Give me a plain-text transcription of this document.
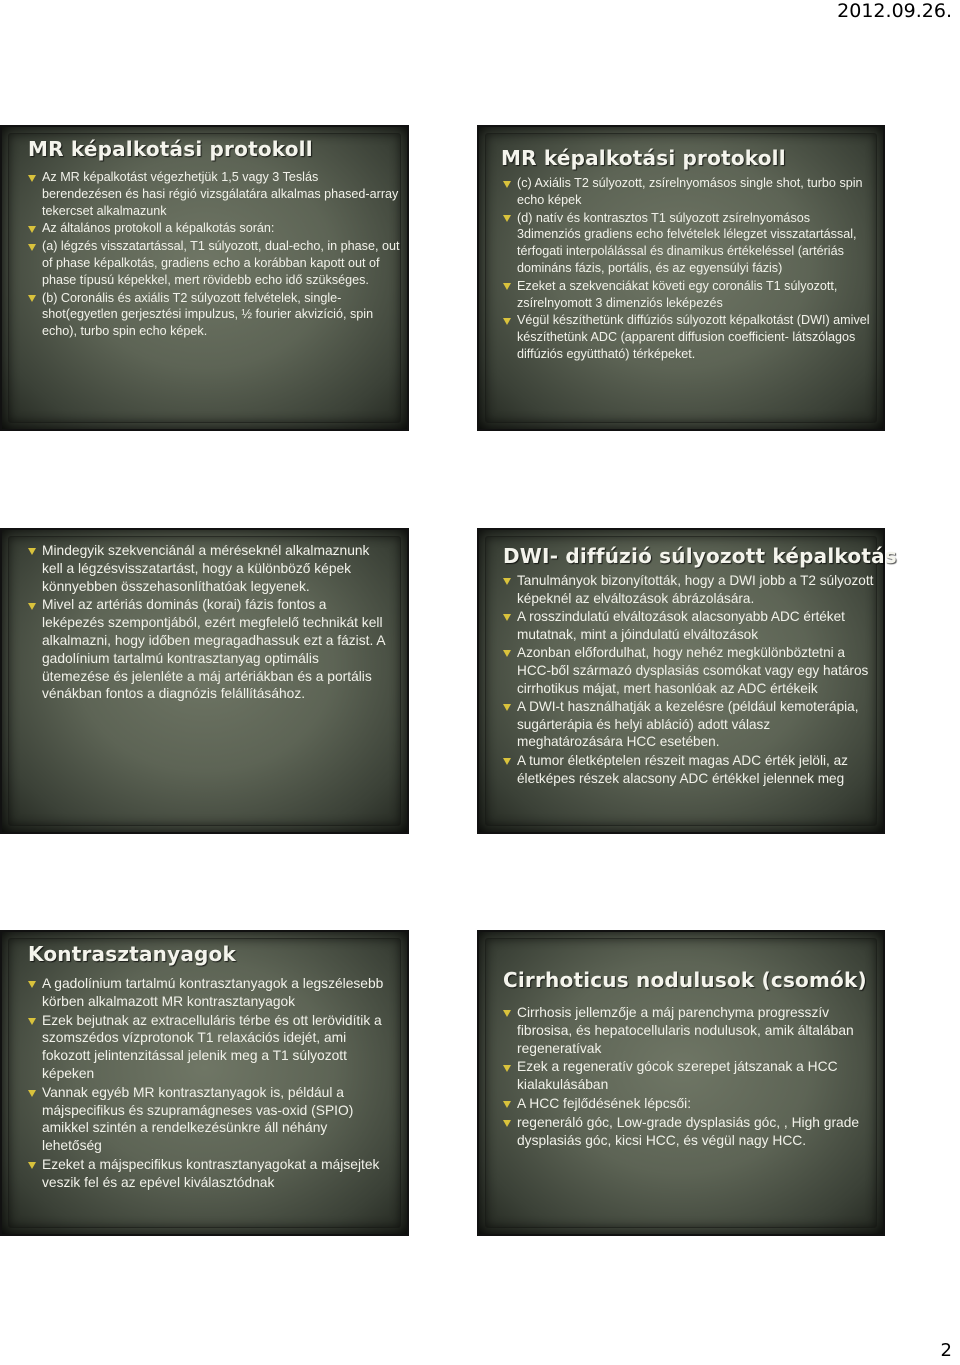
2012.09.26.
MR képalkotási protokoll
Az MR képalkotást végezhetjük 1,5 vagy 3 Teslás berendezésen és hasi régió vizsgálatára alkalmas phased-array tekercset alkalmazunk
Az általános protokoll a képalkotás során:
(a) légzés visszatartással, T1 súlyozott, dual-echo, in phase, out of phase képalkotás, gradiens echo a korábban kapott out of phase típusú képekkel, mert rövidebb echo idő szükséges.
(b) Coronális és axiális T2 súlyozott felvételek, single- shot(egyetlen gerjesztési impulzus, ½ fourier akvizíció, spin echo), turbo spin echo képek.
MR képalkotási protokoll
(c) Axiális T2 súlyozott, zsírelnyomásos single shot, turbo spin echo képek
(d) natív és kontrasztos T1 súlyozott zsírelnyomásos 3dimenziós gradiens echo felvételek lélegzet visszatartással, térfogati interpolálással és dinamikus értékeléssel (artériás domináns fázis, portális, és az egyensúlyi fázis)
Ezeket a szekvenciákat követi egy coronális T1 súlyozott, zsírelnyomott 3 dimenziós leképezés
Végül készíthetünk diffúziós súlyozott képalkotást (DWI) amivel készíthetünk ADC (apparent diffusion coefficient- látszólagos diffúziós együttható) térképeket.
Mindegyik szekvenciánál a méréseknél alkalmaznunk kell a légzésvisszatartást, hogy a különböző képek könnyebben összehasonlíthatóak legyenek.
Mivel az artériás dominás (korai) fázis fontos a leképezés szempontjából, ezért megfelelő technikát kell alkalmazni, hogy időben megragadhassuk ezt a fázist. A gadolínium tartalmú kontrasztanyag optimális ütemezése és jelenléte a máj artériákban és a portális vénákban fontos a diagnózis felállításához.
DWI- diffúzió súlyozott képalkotás
Tanulmányok bizonyították, hogy a DWI jobb a T2 súlyozott képeknél az elváltozások ábrázolására.
A rosszindulatú elváltozások alacsonyabb ADC értéket mutatnak, mint a jóindulatú elváltozások
Azonban előfordulhat, hogy nehéz megkülönböztetni a HCC-ből származó dysplasiás csomókat vagy egy határos cirrhotikus májat, mert hasonlóak az ADC értékeik
A DWI-t használhatják a kezelésre (például kemoterápia, sugárterápia és helyi abláció) adott válasz meghatározására HCC esetében.
A tumor életképtelen részeit magas ADC érték jelöli, az életképes részek alacsony ADC értékkel jelennek meg
Kontrasztanyagok
A gadolínium tartalmú kontrasztanyagok a legszélesebb körben alkalmazott MR kontrasztanyagok
Ezek bejutnak az extracelluláris térbe és ott lerövidítik a szomszédos vízprotonok T1 relaxációs idejét, ami fokozott jelintenzitással jelenik meg a T1 súlyozott képeken
Vannak egyéb MR kontrasztanyagok is, például a májspecifikus és szupramágneses vas-oxid (SPIO) amikkel szintén a rendelkezésünkre áll néhány lehetőség
Ezeket a májspecifikus kontrasztanyagokat a májsejtek veszik fel és az epével kiválasztódnak
Cirrhoticus nodulusok (csomók)
Cirrhosis jellemzője a máj parenchyma progresszív fibrosisa, és hepatocellularis nodulusok, amik általában regeneratívak
Ezek a regeneratív gócok szerepet játszanak a HCC kialakulásában
A HCC fejlődésének lépcsői:
regeneráló góc, Low-grade dysplasiás góc, , High grade dysplasiás góc, kicsi HCC, és végül nagy HCC.
2
